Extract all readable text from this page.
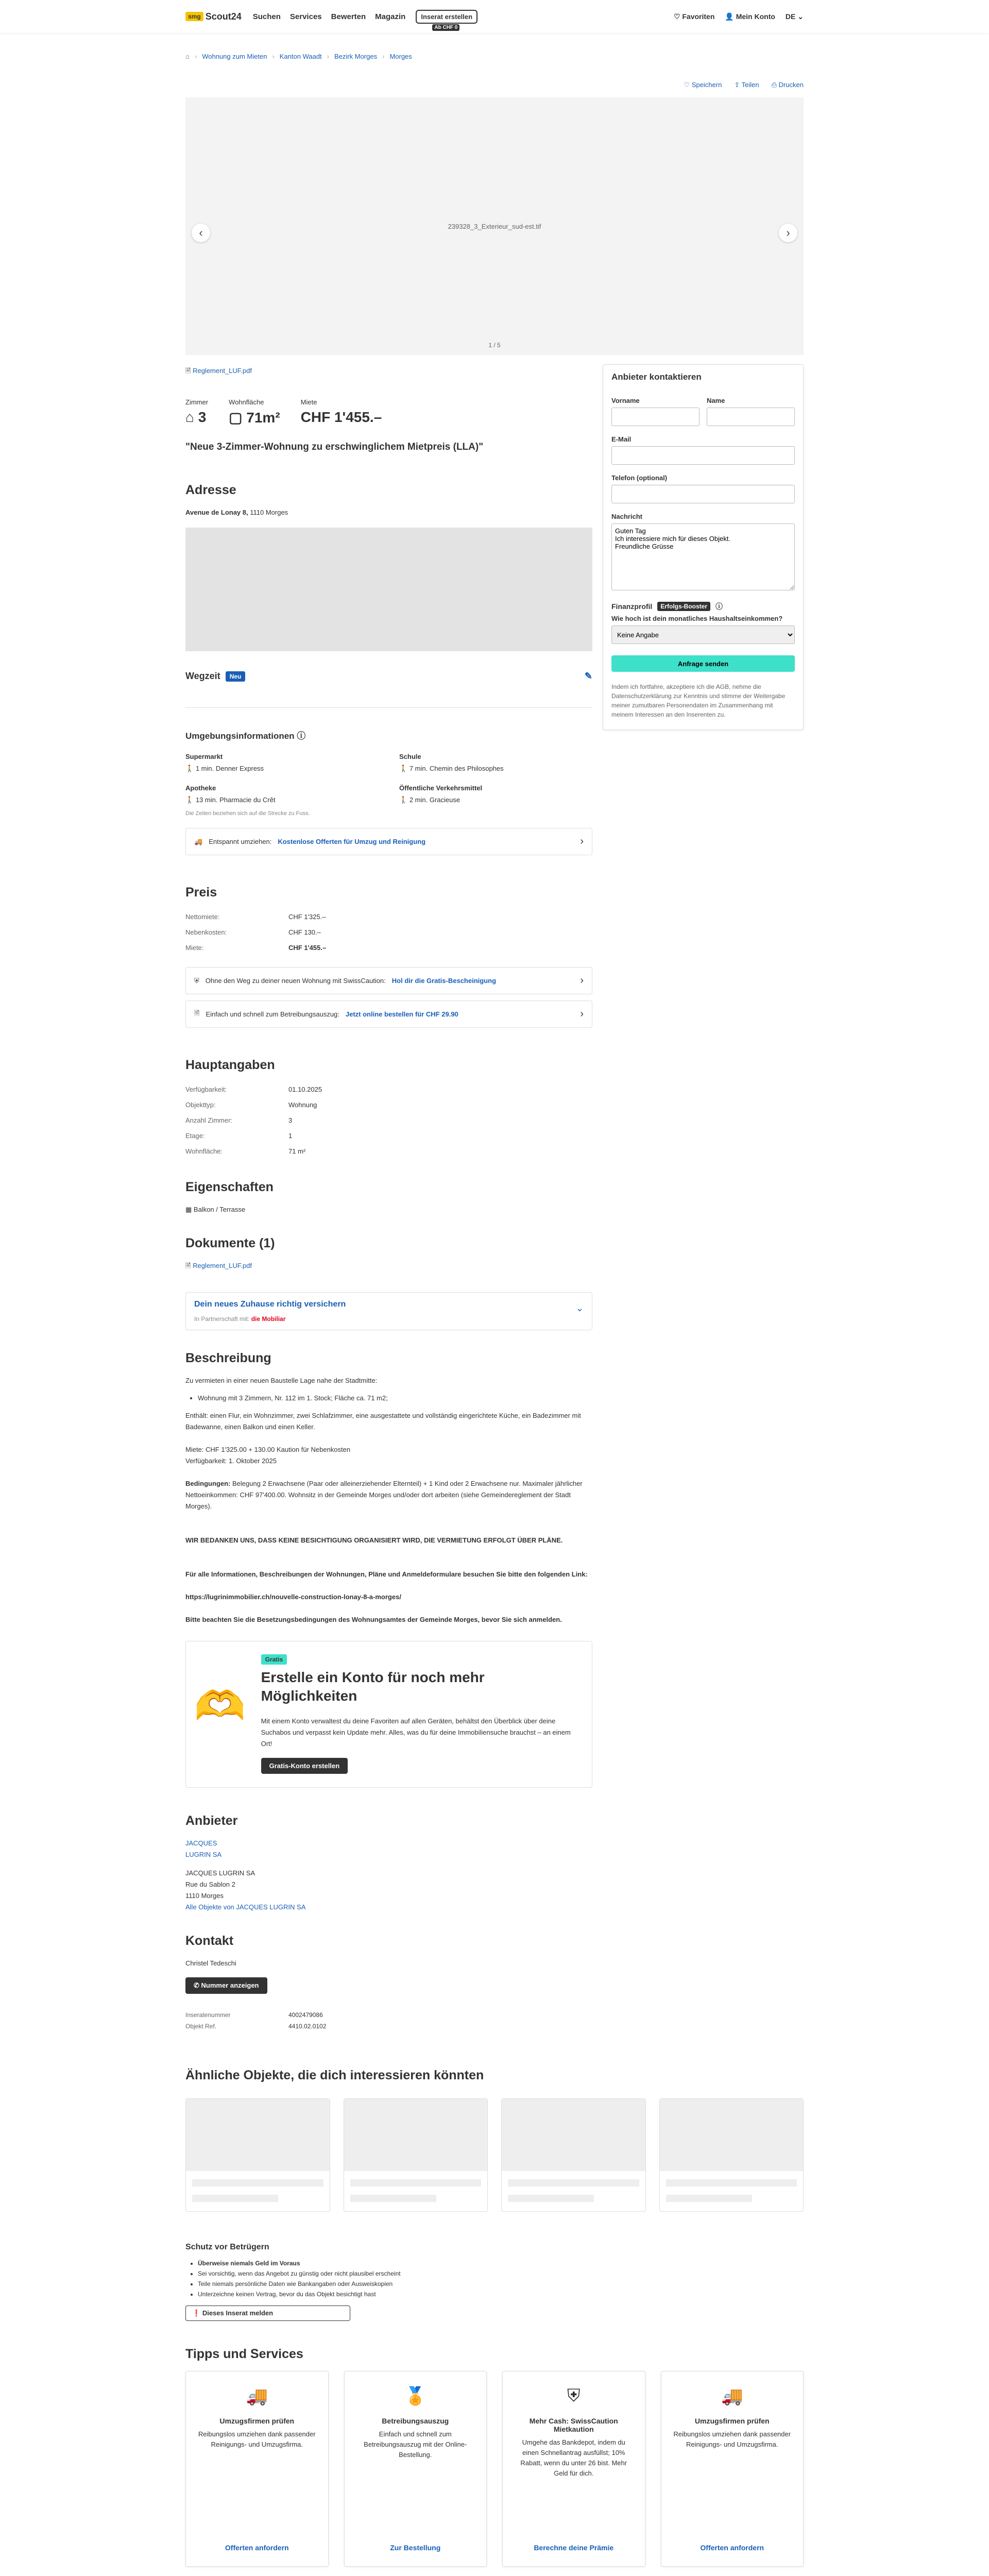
smg Scout24 Suchen Services Bewerten Magazin	Inserat erstellen
Ab CHF 0
♡ Favoriten 👤 Mein Konto DE ⌄
⌂ › Wohnung zum Mieten › Kanton Waadt › Bezirk Morges › Morges
♡ Speichern ⇪ Teilen ⎙ Drucken
‹	239328_3_Exterieur_sud-est.tif	›
1 / 5
🗎 Reglement_LUF.pdf
Zimmer
⌂ 3
Wohnfläche
▢ 71m²
Miete
CHF 1'455.–
"Neue 3-Zimmer-Wohnung zu erschwinglichem Mietpreis (LLA)"
Adresse
Avenue de Lonay 8, 1110 Morges
Wegzeit	Neu	✎
Umgebungsinformationen ⓘ
Supermarkt
🚶 1 min. Denner Express
Schule
🚶 7 min. Chemin des Philosophes
Apotheke
🚶 13 min. Pharmacie du Crêt
Öffentliche Verkehrsmittel
🚶 2 min. Gracieuse
Die Zeiten beziehen sich auf die Strecke zu Fuss.
🚚 Entspannt umziehen: Kostenlose Offerten für Umzug und Reinigung	›
Preis
Nettomiete:	CHF 1'325.–
Nebenkosten:	CHF 130.–
Miete:	CHF 1'455.–
⛨ Ohne den Weg zu deiner neuen Wohnung mit SwissCaution: Hol dir die Gratis-Bescheinigung	›
🗎 Einfach und schnell zum Betreibungsauszug: Jetzt online bestellen für CHF 29.90	›
Hauptangaben
Verfügbarkeit:	01.10.2025
Objekttyp:	Wohnung
Anzahl Zimmer:	3
Etage:	1
Wohnfläche:	71 m²
Eigenschaften
▦ Balkon / Terrasse
Dokumente (1)
🗎 Reglement_LUF.pdf
Dein neues Zuhause richtig versichern
In Partnerschaft mit: die Mobiliar
⌄
Beschreibung

Zu vermieten in einer neuen Baustelle Lage nahe der Stadtmitte:

• Wohnung mit 3 Zimmern, Nr. 112 im 1. Stock; Fläche ca. 71 m2;

Enthält: einen Flur, ein Wohnzimmer, zwei Schlafzimmer, eine ausgestattete und vollständig eingerichtete Küche, ein Badezimmer mit Badewanne, einen Balkon und einen Keller.

Miete: CHF 1'325.00 + 130.00 Kaution für Nebenkosten

Verfügbarkeit: 1. Oktober 2025

Bedingungen: Belegung 2 Erwachsene (Paar oder alleinerziehender Elternteil) + 1 Kind oder 2 Erwachsene nur. Maximaler jährlicher Nettoeinkommen: CHF 97'400.00. Wohnsitz in der Gemeinde Morges und/oder dort arbeiten (siehe Gemeindereglement der Stadt Morges).

WIR BEDANKEN UNS, DASS KEINE BESICHTIGUNG ORGANISIERT WIRD, DIE VERMIETUNG ERFOLGT ÜBER PLÄNE.

Für alle Informationen, Beschreibungen der Wohnungen, Pläne und Anmeldeformulare besuchen Sie bitte den folgenden Link:

https://lugrinimmobilier.ch/nouvelle-construction-lonay-8-a-morges/

Bitte beachten Sie die Besetzungsbedingungen des Wohnungsamtes der Gemeinde Morges, bevor Sie sich anmelden.

🫶
Gratis
Erstelle ein Konto für noch mehr Möglichkeiten

Mit einem Konto verwaltest du deine Favoriten auf allen Geräten, behältst den Überblick über deine Suchabos und verpasst kein Update mehr. Alles, was du für deine Immobiliensuche brauchst – an einem Ort!

Gratis-Konto erstellen
Anbieter
JACQUES LUGRIN SA
JACQUES LUGRIN SA
Rue du Sablon 2
1110 Morges
Alle Objekte von JACQUES LUGRIN SA
Kontakt
Christel Tedeschi
✆ Nummer anzeigen
Inseratenummer	4002479086
Objekt Ref.	4410.02.0102
Anbieter kontaktieren
Vorname	Name
E-Mail
Telefon (optional)
Nachricht
Guten Tag Ich interessiere mich für dieses Objekt. Freundliche Grüsse
Finanzprofil	Erfolgs-Booster	ⓘ
Wie hoch ist dein monatliches Haushaltseinkommen?
Keine Angabe
Anfrage senden

Indem ich fortfahre, akzeptiere ich die AGB, nehme die Datenschutzerklärung zur Kenntnis und stimme der Weitergabe meiner zumutbaren Personendaten im Zusammenhang mit meinem Interessen an den Inserenten zu.

Ähnliche Objekte, die dich interessieren könnten
Schutz vor Betrügern
• Überweise niemals Geld im Voraus
• Sei vorsichtig, wenn das Angebot zu günstig oder nicht plausibel erscheint
• Teile niemals persönliche Daten wie Bankangaben oder Ausweiskopien
• Unterzeichne keinen Vertrag, bevor du das Objekt besichtigt hast
❗ Dieses Inserat melden
Tipps und Services
🚚
Umzugsfirmen prüfen

Reibungslos umziehen dank passender Reinigungs- und Umzugsfirma.

Offerten anfordern
🏅
Betreibungsauszug

Einfach und schnell zum Betreibungsauszug mit der Online-Bestellung.

Zur Bestellung
⛨
Mehr Cash: SwissCaution Mietkaution

Umgehe das Bankdepot, indem du einen Schnellantrag ausfüllst; 10% Rabatt, wenn du unter 26 bist. Mehr Geld für dich.

Berechne deine Prämie
🚚
Umzugsfirmen prüfen

Reibungslos umziehen dank passender Reinigungs- und Umzugsfirma.

Offerten anfordern
